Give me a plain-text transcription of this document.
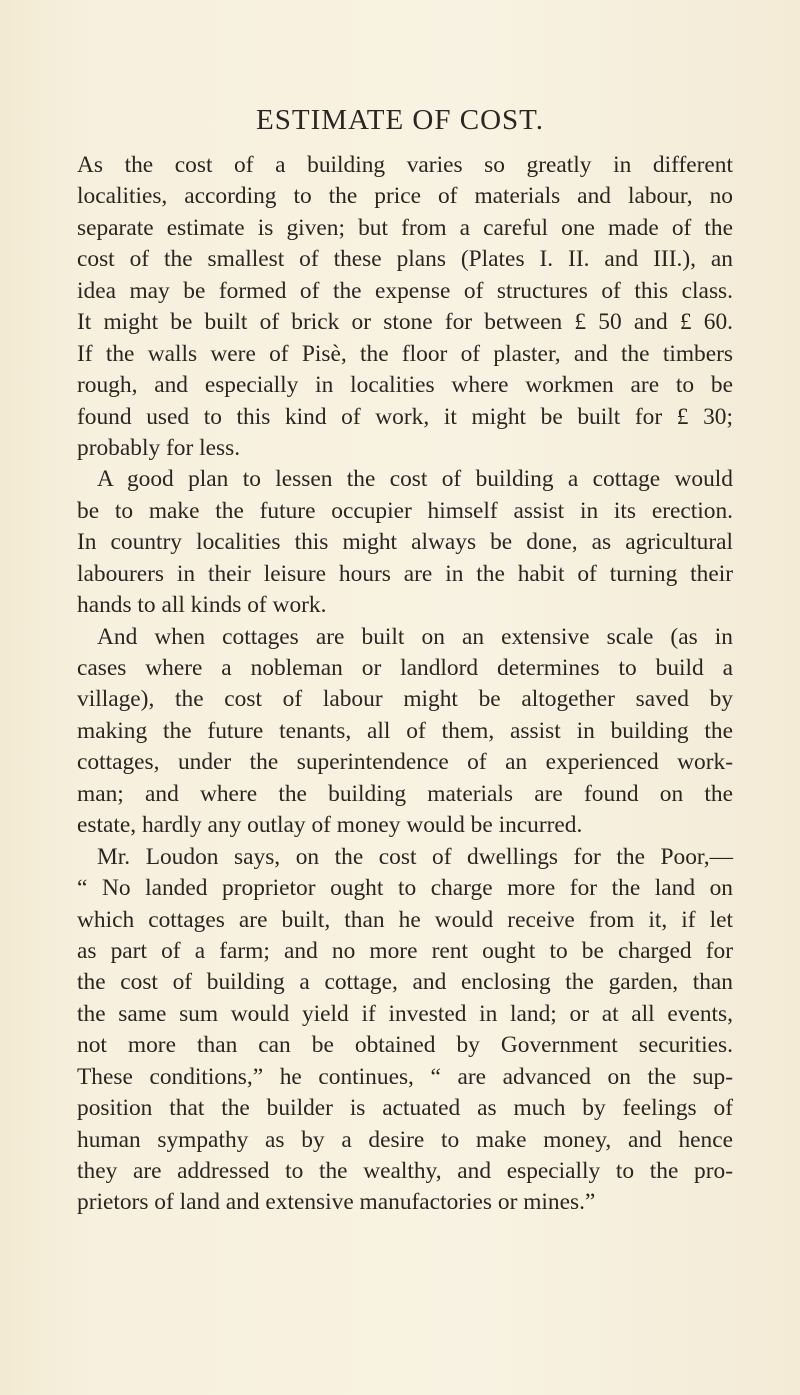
ESTIMATE OF COST.
As the cost of a building varies so greatly in different
localities, according to the price of materials and labour, no
separate estimate is given; but from a careful one made of the
cost of the smallest of these plans (Plates I. II. and III.), an
idea may be formed of the expense of structures of this class.
It might be built of brick or stone for between £ 50 and £ 60.
If the walls were of Pisè, the floor of plaster, and the timbers
rough, and especially in localities where workmen are to be
found used to this kind of work, it might be built for £ 30;
probably for less.
A good plan to lessen the cost of building a cottage would
be to make the future occupier himself assist in its erection.
In country localities this might always be done, as agricultural
labourers in their leisure hours are in the habit of turning their
hands to all kinds of work.
And when cottages are built on an extensive scale (as in
cases where a nobleman or landlord determines to build a
village), the cost of labour might be altogether saved by
making the future tenants, all of them, assist in building the
cottages, under the superintendence of an experienced work-
man; and where the building materials are found on the
estate, hardly any outlay of money would be incurred.
Mr. Loudon says, on the cost of dwellings for the Poor,—
“ No landed proprietor ought to charge more for the land on
which cottages are built, than he would receive from it, if let
as part of a farm; and no more rent ought to be charged for
the cost of building a cottage, and enclosing the garden, than
the same sum would yield if invested in land; or at all events,
not more than can be obtained by Government securities.
These conditions,” he continues, “ are advanced on the sup-
position that the builder is actuated as much by feelings of
human sympathy as by a desire to make money, and hence
they are addressed to the wealthy, and especially to the pro-
prietors of land and extensive manufactories or mines.”
